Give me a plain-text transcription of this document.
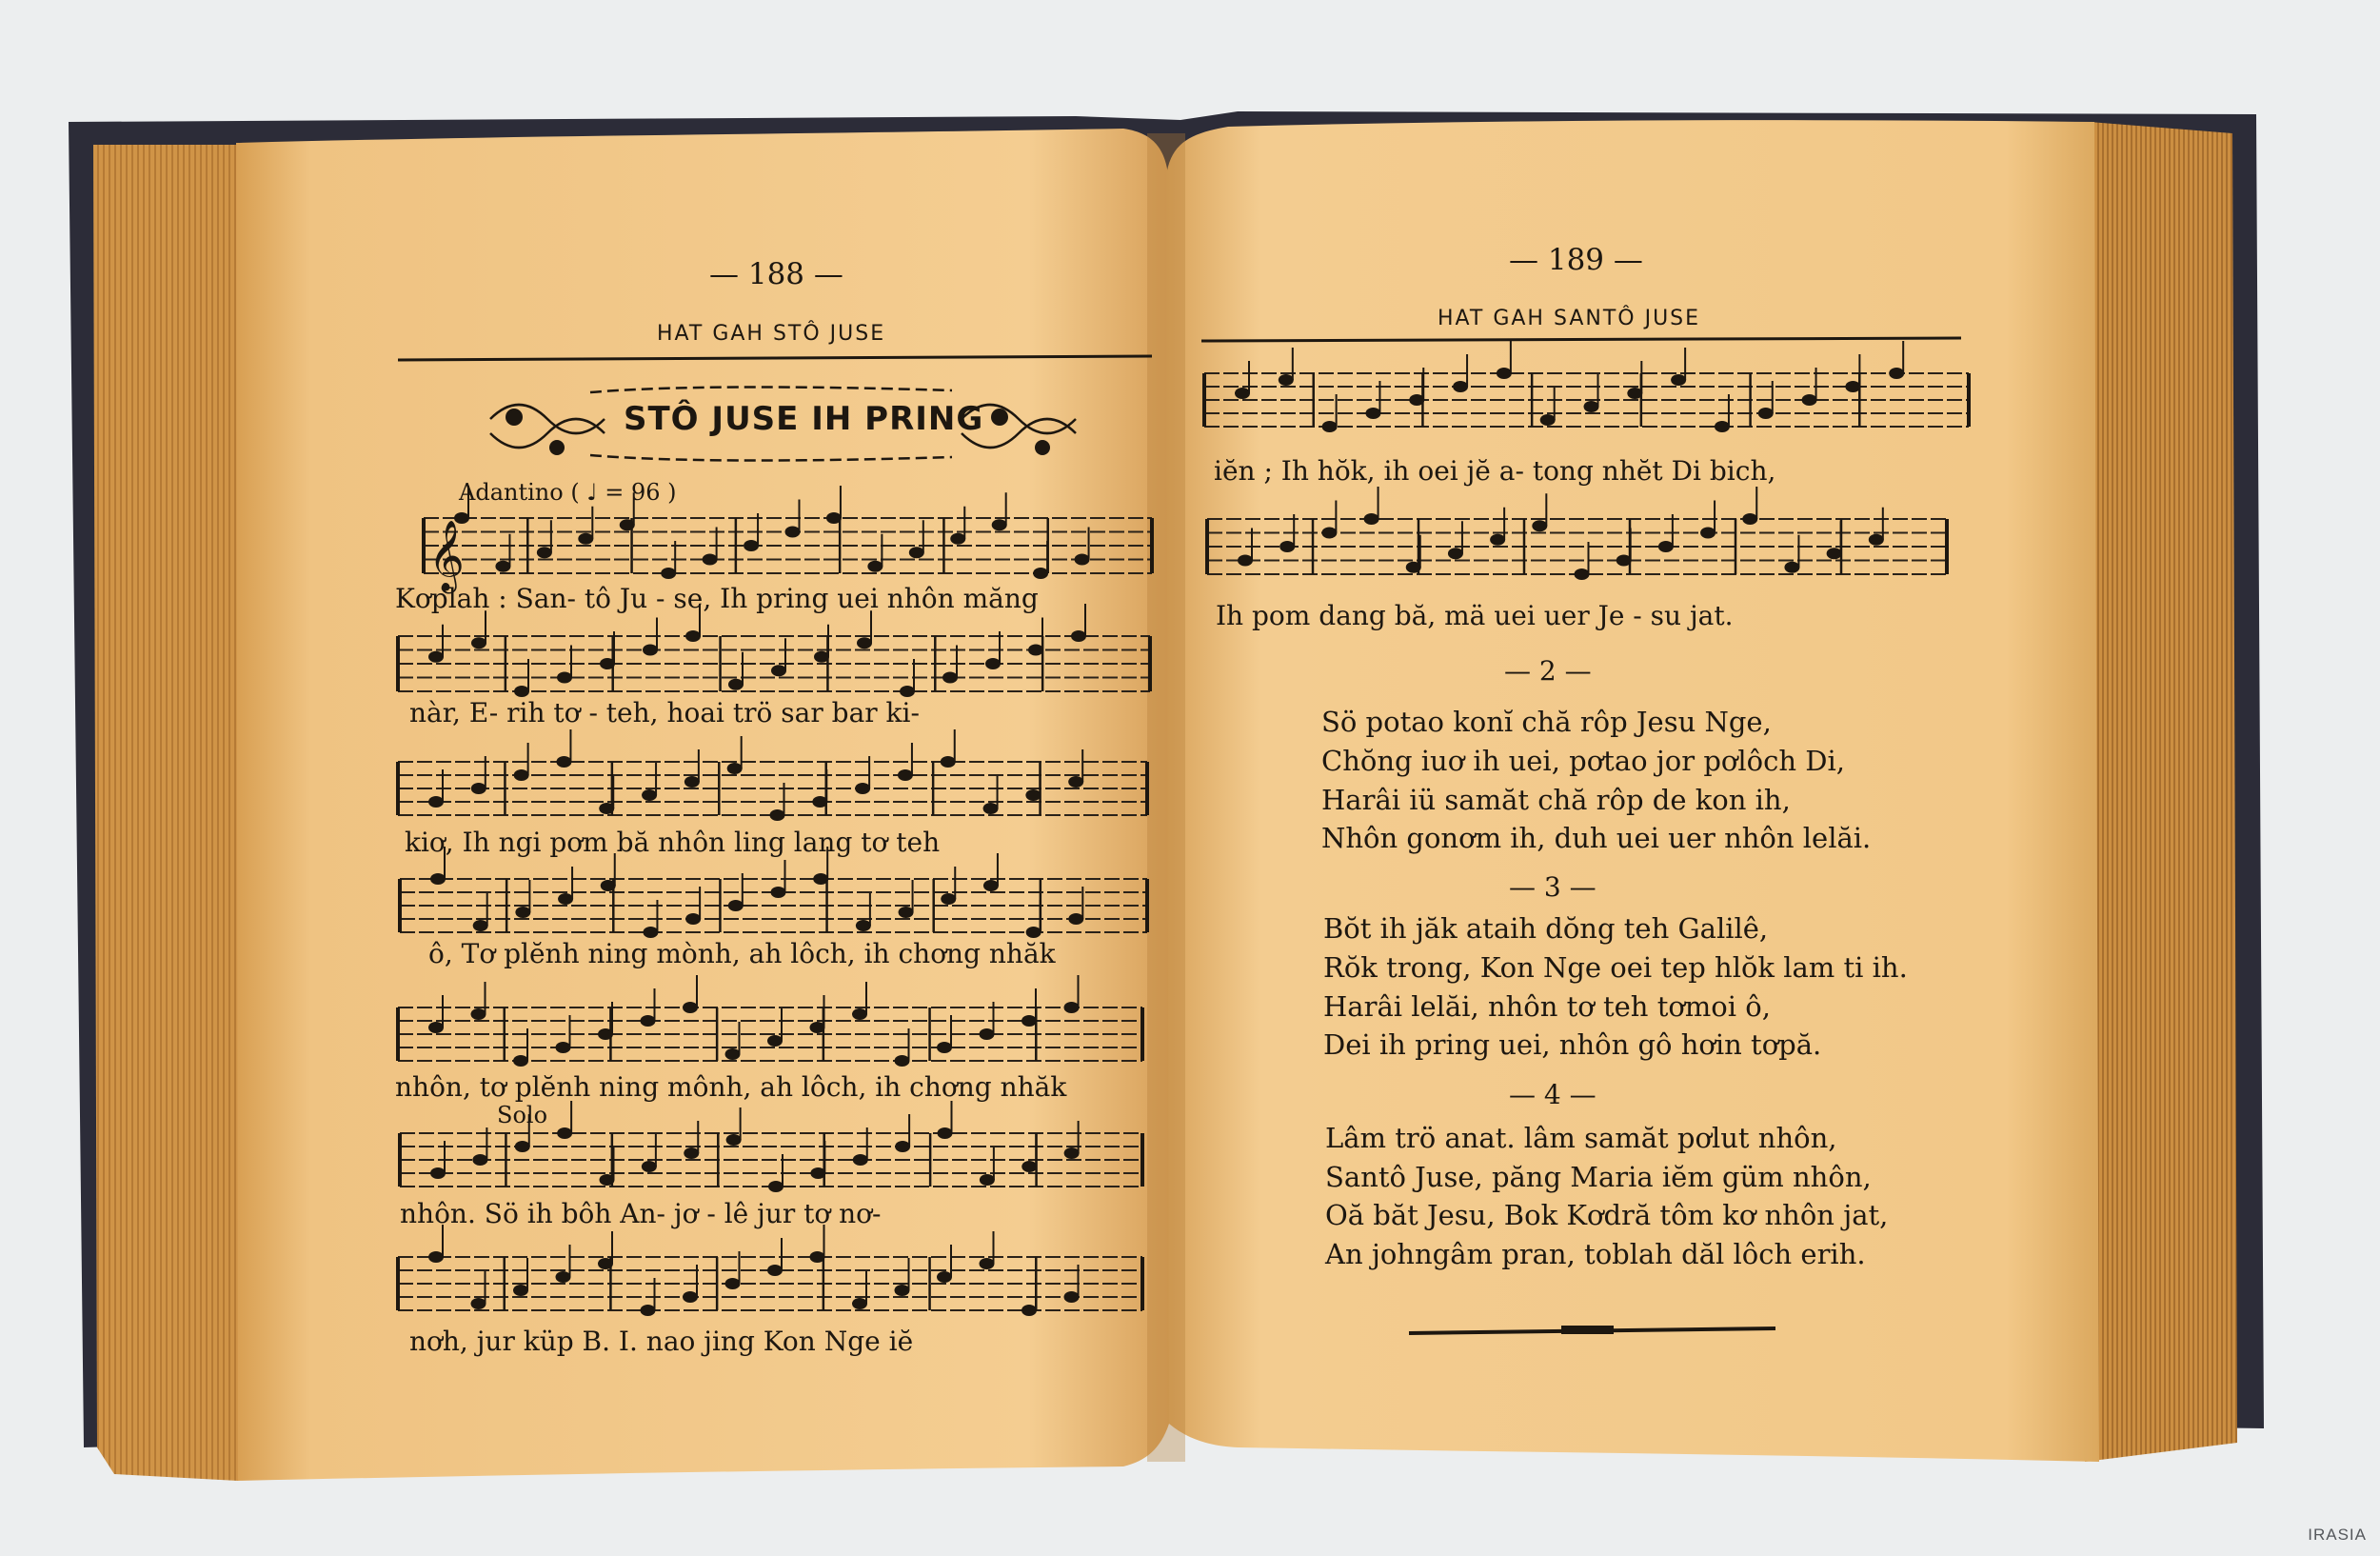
𝄞
— 188 —
HAT GAH STÔ JUSE
STÔ JUSE IH PRING
Adantino ( ♩ = 96 )
Kơplah : San- tô Ju - se, Ih pring uei nhôn măng
nàr, E- rih tơ - teh, hoai trö sar bar ki-
kiơ, Ih ngi pơm bă nhôn ling lang tơ teh
ô, Tơ plĕnh ning mònh, ah lôch, ih chơng nhăk
nhôn, tơ plĕnh ning mônh, ah lôch, ih chơng nhăk
Solo
nhôn. Sö ih bôh An- jơ - lê jur tơ nơ-
nơh, jur küp B. I. nao jing Kon Nge iĕ
— 189 —
HAT GAH SANTÔ JUSE
iĕn ; Ih hŏk, ih oei jĕ a- tong nhĕt Di bich,
Ih pom dang bă, mä uei uer Je - su jat.
— 2 —
Sö potao konĭ chă rôp Jesu Nge,
Chŏng iuơ ih uei, pơtao jor pơlôch Di,
Harâi iü samăt chă rôp de kon ih,
Nhôn gonơm ih, duh uei uer nhôn lelăi.
— 3 —
Bŏt ih jăk ataih dŏng teh Galilê,
Rŏk trong, Kon Nge oei tep hlŏk lam ti ih.
Harâi lelăi, nhôn tơ teh tơmoi ô,
Dei ih pring uei, nhôn gô hơin tơpă.
— 4 —
Lâm trö anat. lâm samăt pơlut nhôn,
Santô Juse, păng Maria iĕm güm nhôn,
Oă băt Jesu, Bok Kơdră tôm kơ nhôn jat,
An johngâm pran, toblah dăl lôch erih.
IRASIA
